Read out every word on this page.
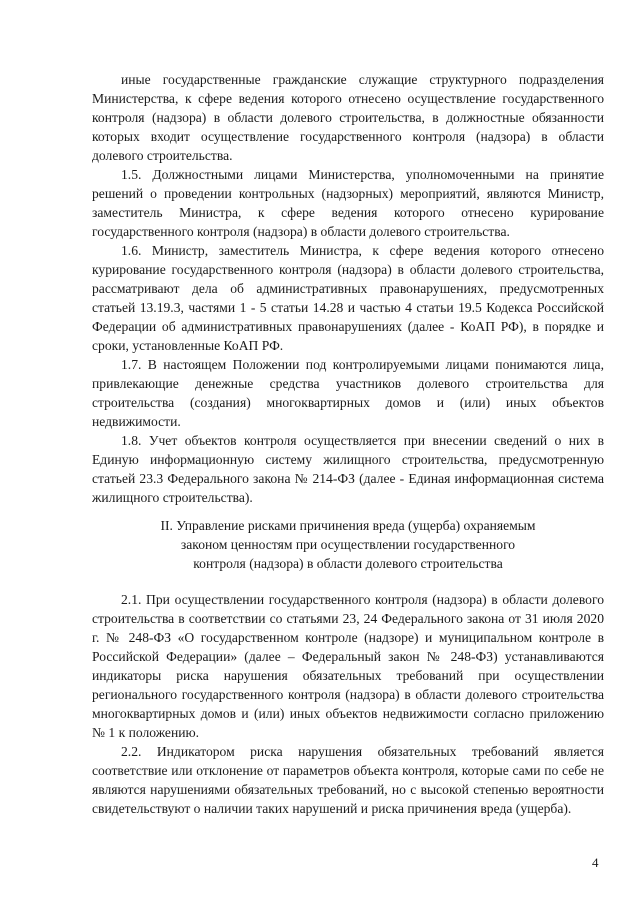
иные государственные гражданские служащие структурного подразделения Министерства, к сфере ведения которого отнесено осуществление государственного контроля (надзора) в области долевого строительства, в должностные обязанности которых входит осуществление государственного контроля (надзора) в области долевого строительства.

1.5. Должностными лицами Министерства, уполномоченными на принятие решений о проведении контрольных (надзорных) мероприятий, являются Министр, заместитель Министра, к сфере ведения которого отнесено курирование государственного контроля (надзора) в области долевого строительства.

1.6. Министр, заместитель Министра, к сфере ведения которого отнесено курирование государственного контроля (надзора) в области долевого строительства, рассматривают дела об административных правонарушениях, предусмотренных статьей 13.19.3, частями 1 - 5 статьи 14.28 и частью 4 статьи 19.5 Кодекса Российской Федерации об административных правонарушениях (далее - КоАП РФ), в порядке и сроки, установленные КоАП РФ.

1.7. В настоящем Положении под контролируемыми лицами понимаются лица, привлекающие денежные средства участников долевого строительства для строительства (создания) многоквартирных домов и (или) иных объектов недвижимости.

1.8. Учет объектов контроля осуществляется при внесении сведений о них в Единую информационную систему жилищного строительства, предусмотренную статьей 23.3 Федерального закона № 214-ФЗ (далее - Единая информационная система жилищного строительства).

II. Управление рисками причинения вреда (ущерба) охраняемым
законом ценностям при осуществлении государственного
контроля (надзора) в области долевого строительства

2.1. При осуществлении государственного контроля (надзора) в области долевого строительства в соответствии со статьями 23, 24 Федерального закона от 31 июля 2020 г. № 248-ФЗ «О государственном контроле (надзоре) и муниципальном контроле в Российской Федерации» (далее – Федеральный закон № 248-ФЗ) устанавливаются индикаторы риска нарушения обязательных требований при осуществлении регионального государственного контроля (надзора) в области долевого строительства многоквартирных домов и (или) иных объектов недвижимости согласно приложению № 1 к положению.

2.2. Индикатором риска нарушения обязательных требований является соответствие или отклонение от параметров объекта контроля, которые сами по себе не являются нарушениями обязательных требований, но с высокой степенью вероятности свидетельствуют о наличии таких нарушений и риска причинения вреда (ущерба).

4
